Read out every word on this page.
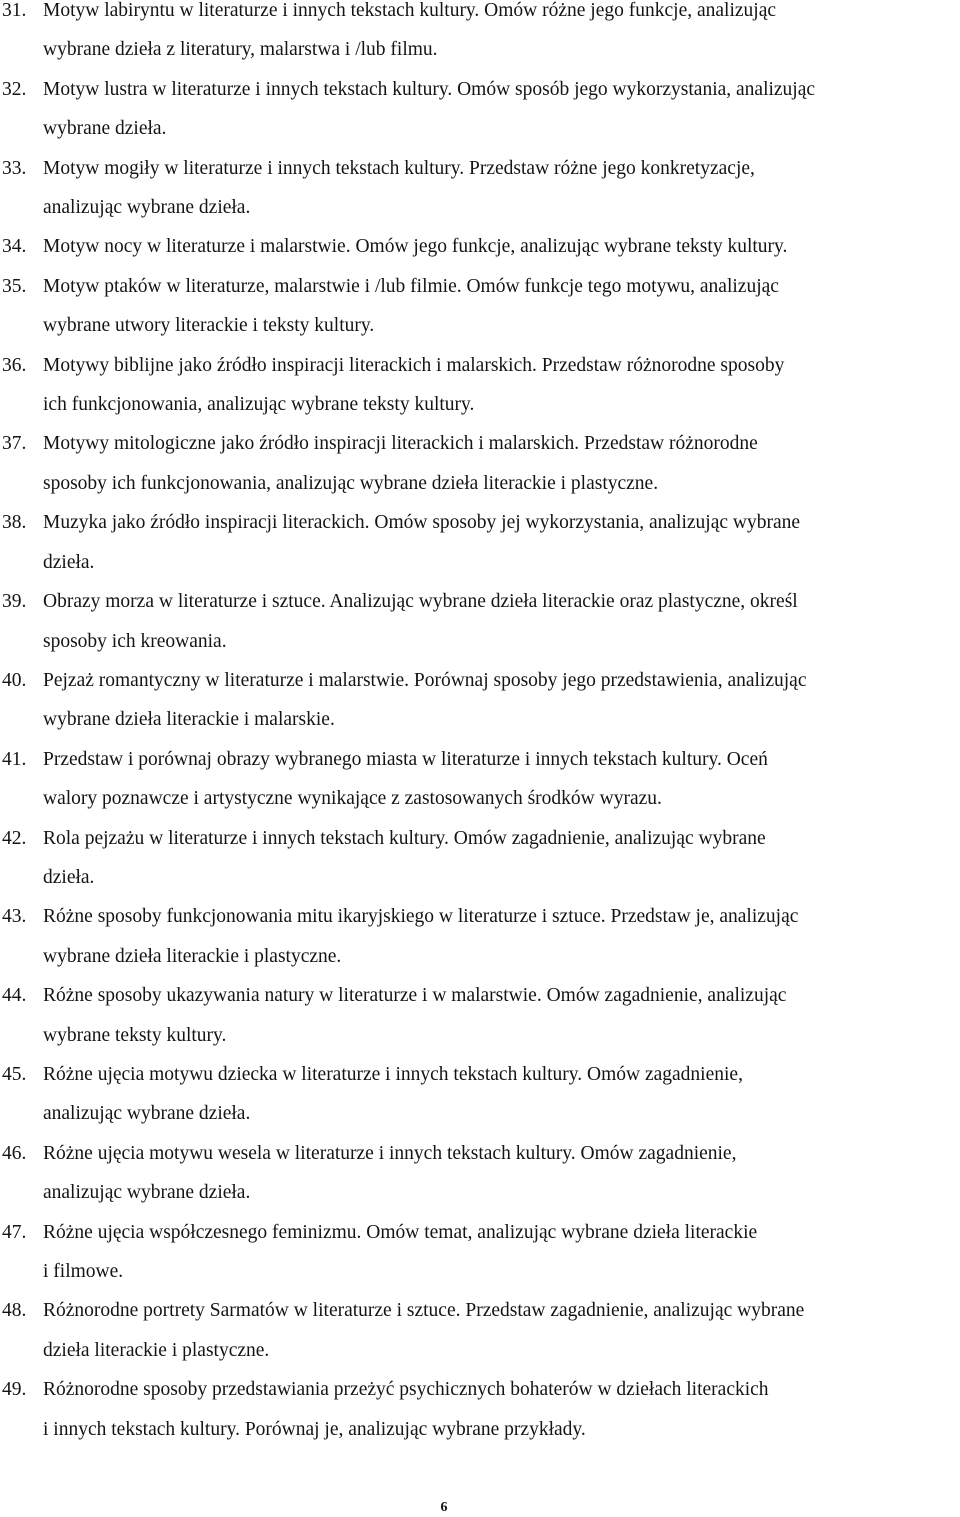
31. Motyw labiryntu w literaturze i innych tekstach kultury. Omów różne jego funkcje, analizując
wybrane dzieła z literatury, malarstwa i /lub filmu.
32. Motyw lustra w literaturze i innych tekstach kultury. Omów sposób jego wykorzystania, analizując
wybrane dzieła.
33. Motyw mogiły w literaturze i innych tekstach kultury. Przedstaw różne jego konkretyzacje,
analizując wybrane dzieła.
34. Motyw nocy w literaturze i malarstwie. Omów jego funkcje, analizując wybrane teksty kultury.
35. Motyw ptaków w literaturze, malarstwie i /lub filmie. Omów funkcje tego motywu, analizując
wybrane utwory literackie i teksty kultury.
36. Motywy biblijne jako źródło inspiracji literackich i malarskich. Przedstaw różnorodne sposoby
ich funkcjonowania, analizując wybrane teksty kultury.
37. Motywy mitologiczne jako źródło inspiracji literackich i malarskich. Przedstaw różnorodne
sposoby ich funkcjonowania, analizując wybrane dzieła literackie i plastyczne.
38. Muzyka jako źródło inspiracji literackich. Omów sposoby jej wykorzystania, analizując wybrane
dzieła.
39. Obrazy morza w literaturze i sztuce. Analizując wybrane dzieła literackie oraz plastyczne, określ
sposoby ich kreowania.
40. Pejzaż romantyczny w literaturze i malarstwie. Porównaj sposoby jego przedstawienia, analizując
wybrane dzieła literackie i malarskie.
41. Przedstaw i porównaj obrazy wybranego miasta w literaturze i innych tekstach kultury. Oceń
walory poznawcze i artystyczne wynikające z zastosowanych środków wyrazu.
42. Rola pejzażu w literaturze i innych tekstach kultury. Omów zagadnienie, analizując wybrane
dzieła.
43. Różne sposoby funkcjonowania mitu ikaryjskiego w literaturze i sztuce. Przedstaw je, analizując
wybrane dzieła literackie i plastyczne.
44. Różne sposoby ukazywania natury w literaturze i w malarstwie. Omów zagadnienie, analizując
wybrane teksty kultury.
45. Różne ujęcia motywu dziecka w literaturze i innych tekstach kultury. Omów zagadnienie,
analizując wybrane dzieła.
46. Różne ujęcia motywu wesela w literaturze i innych tekstach kultury. Omów zagadnienie,
analizując wybrane dzieła.
47. Różne ujęcia współczesnego feminizmu. Omów temat, analizując wybrane dzieła literackie
i filmowe.
48. Różnorodne portrety Sarmatów w literaturze i sztuce. Przedstaw zagadnienie, analizując wybrane
dzieła literackie i plastyczne.
49. Różnorodne sposoby przedstawiania przeżyć psychicznych bohaterów w dziełach literackich
i innych tekstach kultury. Porównaj je, analizując wybrane przykłady.
6
